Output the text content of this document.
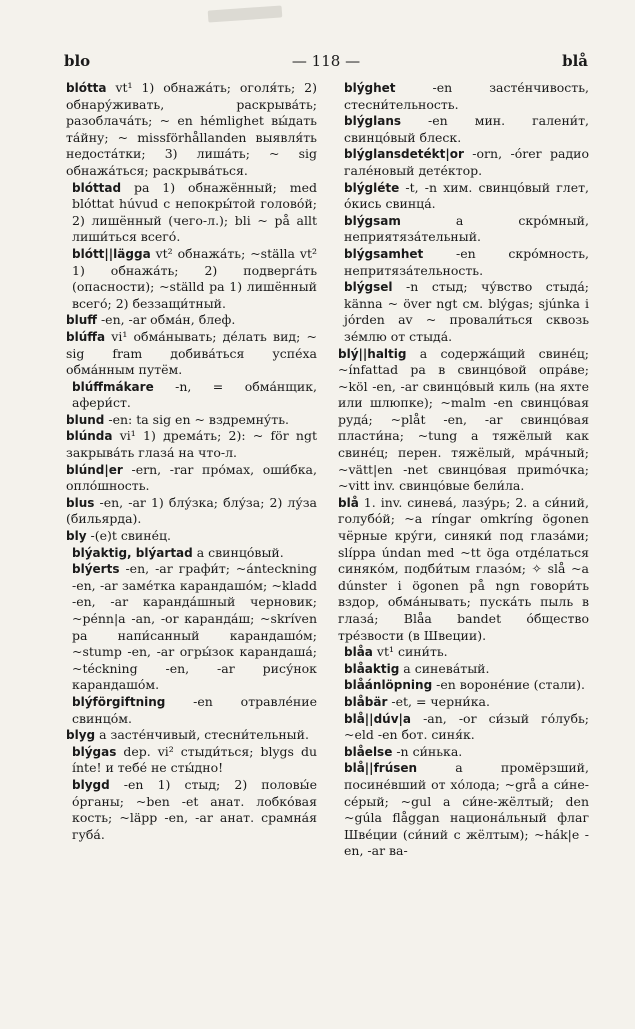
blo	— 118 —	blå

blótta vt¹ 1) обнажáть; оголя́ть; 2) обнару́живать, раскрыва́ть; разоблача́ть; ~ en hémlighet вы́дать та́йну; ~ missförhållanden выявля́ть недоста́тки; 3) лиша́ть; ~ sig обнажа́ться; раскрыва́ться.

blóttad pa 1) обнажённый; med blóttat húvud с непокры́той головóй; 2) лишённый (чего-л.); bli ~ på allt лиши́ться всего́.

blótt||lägga vt² обнажа́ть; ~ställa vt² 1) обнажа́ть; 2) подверга́ть (опасности); ~ställd pa 1) лишённый всего́; 2) беззащи́тный.

bluff -en, -ar обма́н, блеф.

blúffa vi¹ обма́нывать; де́лать вид; ~ sig fram добива́ться успе́ха обма́нным путём.

blúffmákare -n, = обма́нщик, афери́ст.

blund -en: ta sig en ~ вздремну́ть.

blúnda vi¹ 1) дрема́ть; 2): ~ för ngt закрыва́ть глаза́ на что-л.

blúnd|er -ern, -rar про́мах, оши́бка, опло́шность.

blus -en, -ar 1) блу́зка; блу́за; 2) лу́за (бильярда).

bly -(e)t свине́ц.

blýaktig, blýartad a свинцóвый.

blýerts -en, -ar графи́т; ~ánteckning -en, -ar заме́тка карандашóм; ~kladd -en, -ar каранда́шный черновик; ~pénn|a -an, -or каранда́ш; ~skríven pa напи́санный карандашóм; ~stump -en, -ar огры́зок карандаша́; ~téckning -en, -ar рису́нок карандашóм.

blýförgiftning -en отравле́ние свинцóм.

blyg a засте́нчивый, стесни́тельный.

blýgas dep. vi² стыди́ться; blygs du ínte! и тебе́ не сты́дно!

blygd -en 1) стыд; 2) половы́е óрганы; ~ben -et анат. лобкóвая кость; ~läpp -en, -ar анат. срамна́я губа́.

blýghet -en засте́нчивость, стесни́тельность.

blýglans -en мин. галени́т, свинцóвый блеск.

blýglansdetékt|or -orn, -órer радио гале́новый детéктор.

blýgléte -t, -n хим. свинцóвый глет, óкись свинца́.

blýgsam a скрóмный, неприятяза́тельный.

blýgsamhet -en скрóмность, непритяза́тельность.

blýgsel -n стыд; чу́вство стыда́; känna ~ över ngt см. blýgas; sjúnka i jórden av ~ провали́ться сквозь зе́млю от стыда́.

blý||haltig a содержа́щий свине́ц; ~ínfattad pa в свинцóвой опра́ве; ~köl -en, -ar свинцóвый киль (на яхте или шлюпке); ~malm -en свинцóвая руда́; ~plåt -en, -ar свинцóвая пласти́на; ~tung a тяжёлый как свине́ц; перен. тяжёлый, мра́чный; ~vätt|en -net свинцóвая приmóчка; ~vitt inv. свинцóвые бели́ла.

blå 1. inv. синева́, лазу́рь; 2. a си́ний, голубóй; ~a ríngar omkríng ögonen чёрные кру́ги, синяки́ под глаза́ми; slíppa úndan med ~tt öga отде́латься синякóм, подби́тым глазóм; ✧ slå ~a dúnster i ögonen på ngn говори́ть вздор, обма́нывать; пуска́ть пыль в глаза́; Blåa bandet óбщество тре́звости (в Швеции).

blåa vt¹ сини́ть.

blåaktig a синева́тый.

blåánlöpning -en вороне́ние (стали).

blåbär -et, = черни́ка.

blå||dúv|a -an, -or си́зый го́лубь; ~eld -en бот. синя́к.

blåelse -n си́нька.

blå||frúsen a промёрзший, посине́вший от хо́лода; ~grå a си́не-се́рый; ~gul a си́не-жёлтый; den ~gúla flåggan национа́льный флаг Шве́ции (си́ний с жёлтым); ~hák|e -en, -ar ва-
